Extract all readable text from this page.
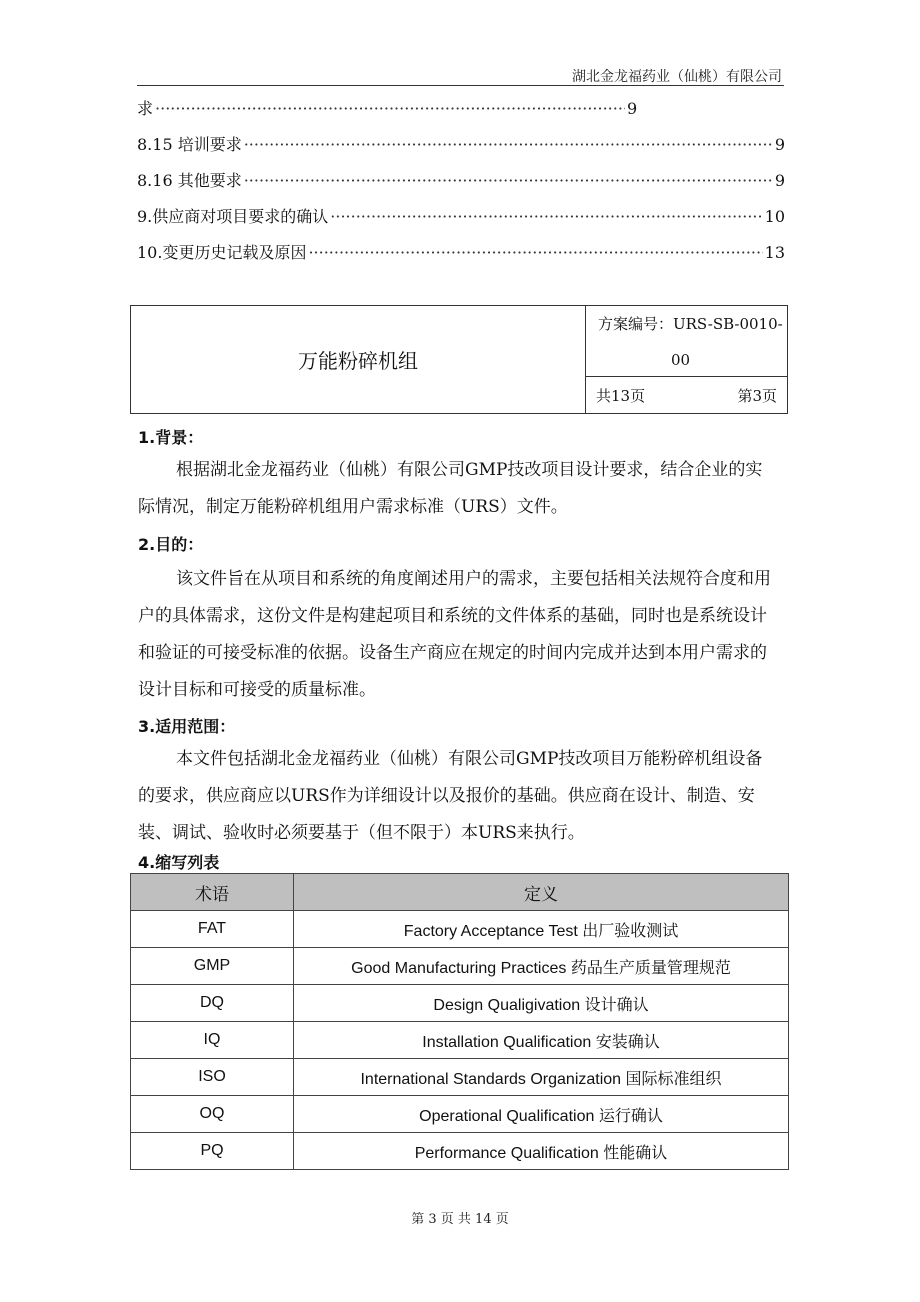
湖北金龙福药业（仙桃）有限公司
求 ·····	9
8.15 培训要求 ·····	9
8.16 其他要求 ·····	9
9.供应商对项目要求的确认 ·····	10
10.变更历史记载及原因 ·····	13
万能粉碎机组
方案编号：URS-SB-0010-
00
共13页	第3页
1.背景：
根据湖北金龙福药业（仙桃）有限公司GMP技改项目设计要求，结合企业的实际情况，制定万能粉碎机组用户需求标准（URS）文件。
2.目的：
该文件旨在从项目和系统的角度阐述用户的需求，主要包括相关法规符合度和用户的具体需求，这份文件是构建起项目和系统的文件体系的基础，同时也是系统设计和验证的可接受标准的依据。设备生产商应在规定的时间内完成并达到本用户需求的设计目标和可接受的质量标准。
3.适用范围：
本文件包括湖北金龙福药业（仙桃）有限公司GMP技改项目万能粉碎机组设备的要求，供应商应以URS作为详细设计以及报价的基础。供应商在设计、制造、安装、调试、验收时必须要基于（但不限于）本URS来执行。
4.缩写列表
术语	定义
FAT	Factory Acceptance Test 出厂验收测试
GMP	Good Manufacturing Practices 药品生产质量管理规范
DQ	Design Qualigivation 设计确认
IQ	Installation Qualification 安装确认
ISO	International Standards Organization 国际标准组织
OQ	Operational Qualification 运行确认
PQ	Performance Qualification 性能确认
第 3 页 共 14 页
